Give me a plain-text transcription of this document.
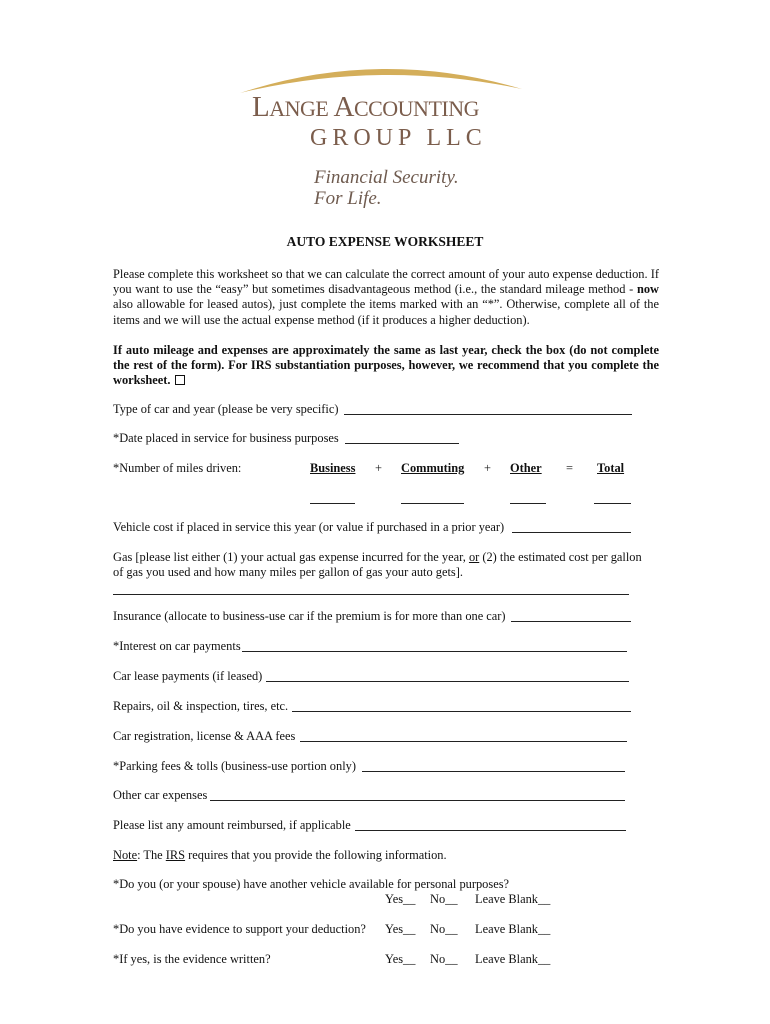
LANGE ACCOUNTING
GROUP LLC
Financial Security.
For Life.
AUTO EXPENSE WORKSHEET
Please complete this worksheet so that we can calculate the correct amount of your auto expense deduction. If you want to use the “easy” but sometimes disadvantageous method (i.e., the standard mileage method - now also allowable for leased autos), just complete the items marked with an “*”. Otherwise, complete all of the items and we will use the actual expense method (if it produces a higher deduction).
If auto mileage and expenses are approximately the same as last year, check the box (do not complete the rest of the form). For IRS substantiation purposes, however, we recommend that you complete the worksheet.
Type of car and year (please be very specific)
*Date placed in service for business purposes
*Number of miles driven:	Business + Commuting + Other = Total
Vehicle cost if placed in service this year (or value if purchased in a prior year)
Gas [please list either (1) your actual gas expense incurred for the year, or (2) the estimated cost per gallon
of gas you used and how many miles per gallon of gas your auto gets].
Insurance (allocate to business-use car if the premium is for more than one car)
*Interest on car payments
Car lease payments (if leased)
Repairs, oil & inspection, tires, etc.
Car registration, license & AAA fees
*Parking fees & tolls (business-use portion only)
Other car expenses
Please list any amount reimbursed, if applicable
Note: The IRS requires that you provide the following information.
*Do you (or your spouse) have another vehicle available for personal purposes?
Yes__ No__ Leave Blank__
*Do you have evidence to support your deduction? Yes__ No__ Leave Blank__
*If yes, is the evidence written?	Yes__ No__ Leave Blank__
